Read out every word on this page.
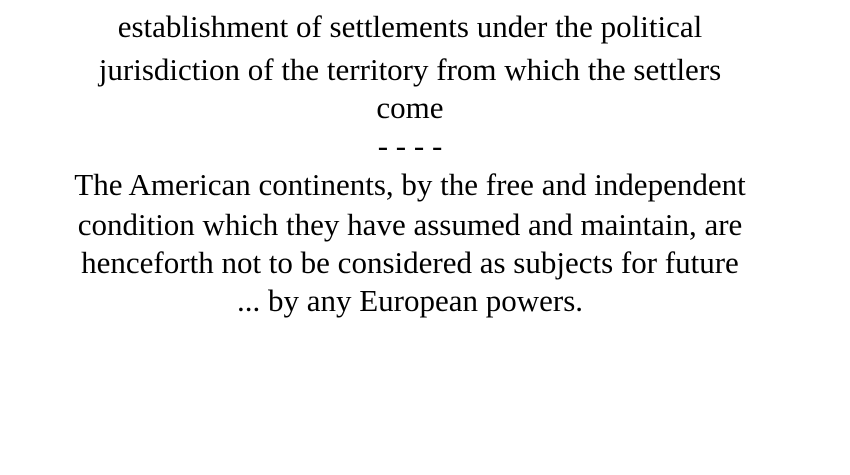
establishment of settlements under the political
jurisdiction of the territory from which the settlers
come
- - - -
The American continents, by the free and independent
condition which they have assumed and maintain, are
henceforth not to be considered as subjects for future
... by any European powers.
